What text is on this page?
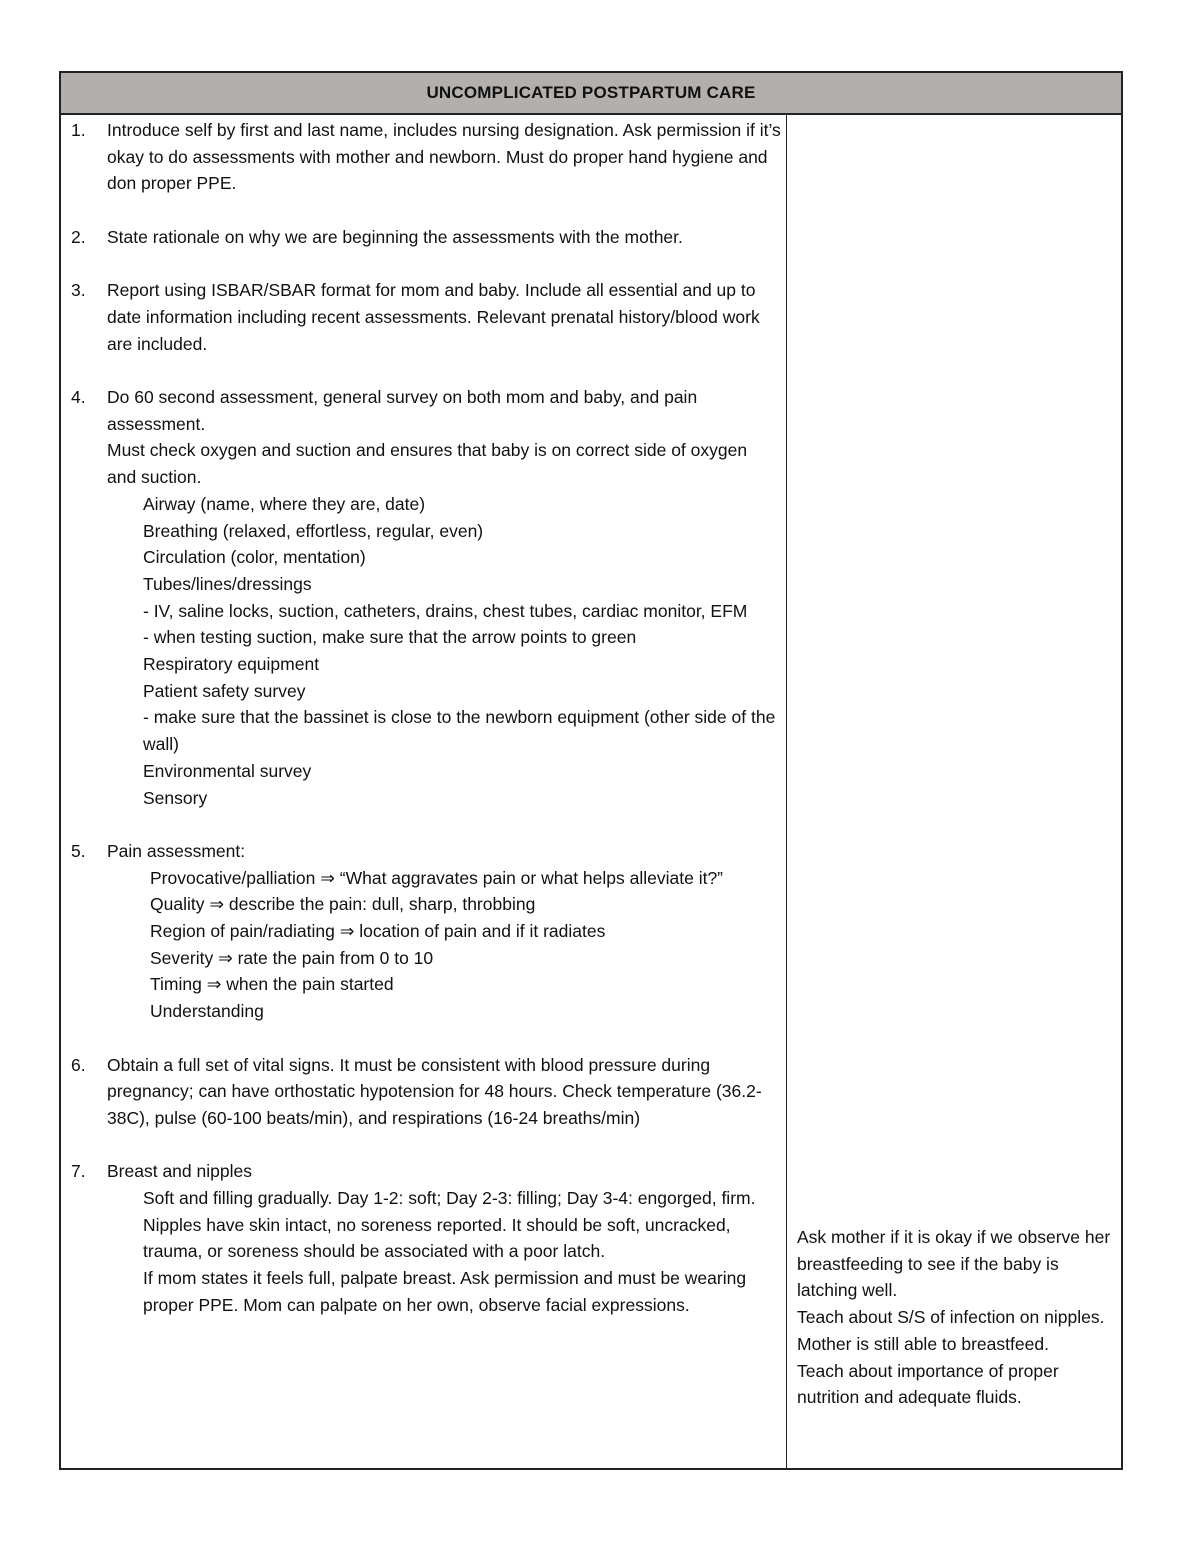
UNCOMPLICATED POSTPARTUM CARE
1. Introduce self by first and last name, includes nursing designation. Ask permission if it’s okay to do assessments with mother and newborn. Must do proper hand hygiene and don proper PPE.
2. State rationale on why we are beginning the assessments with the mother.
3. Report using ISBAR/SBAR format for mom and baby. Include all essential and up to date information including recent assessments. Relevant prenatal history/blood work are included.
4. Do 60 second assessment, general survey on both mom and baby, and pain assessment.
Must check oxygen and suction and ensures that baby is on correct side of oxygen and suction.
Airway (name, where they are, date)
Breathing (relaxed, effortless, regular, even)
Circulation (color, mentation)
Tubes/lines/dressings
- IV, saline locks, suction, catheters, drains, chest tubes, cardiac monitor, EFM
- when testing suction, make sure that the arrow points to green
Respiratory equipment
Patient safety survey
- make sure that the bassinet is close to the newborn equipment (other side of the wall)
Environmental survey
Sensory
5. Pain assessment:
Provocative/palliation ⇒ “What aggravates pain or what helps alleviate it?”
Quality ⇒ describe the pain: dull, sharp, throbbing
Region of pain/radiating ⇒ location of pain and if it radiates
Severity ⇒ rate the pain from 0 to 10
Timing ⇒ when the pain started
Understanding
6. Obtain a full set of vital signs. It must be consistent with blood pressure during pregnancy; can have orthostatic hypotension for 48 hours. Check temperature (36.2-38C), pulse (60-100 beats/min), and respirations (16-24 breaths/min)
7. Breast and nipples
Soft and filling gradually. Day 1-2: soft; Day 2-3: filling; Day 3-4: engorged, firm.
Nipples have skin intact, no soreness reported. It should be soft, uncracked, trauma, or soreness should be associated with a poor latch.
If mom states it feels full, palpate breast. Ask permission and must be wearing proper PPE. Mom can palpate on her own, observe facial expressions.
Ask mother if it is okay if we observe her breastfeeding to see if the baby is latching well.
Teach about S/S of infection on nipples. Mother is still able to breastfeed.
Teach about importance of proper nutrition and adequate fluids.
